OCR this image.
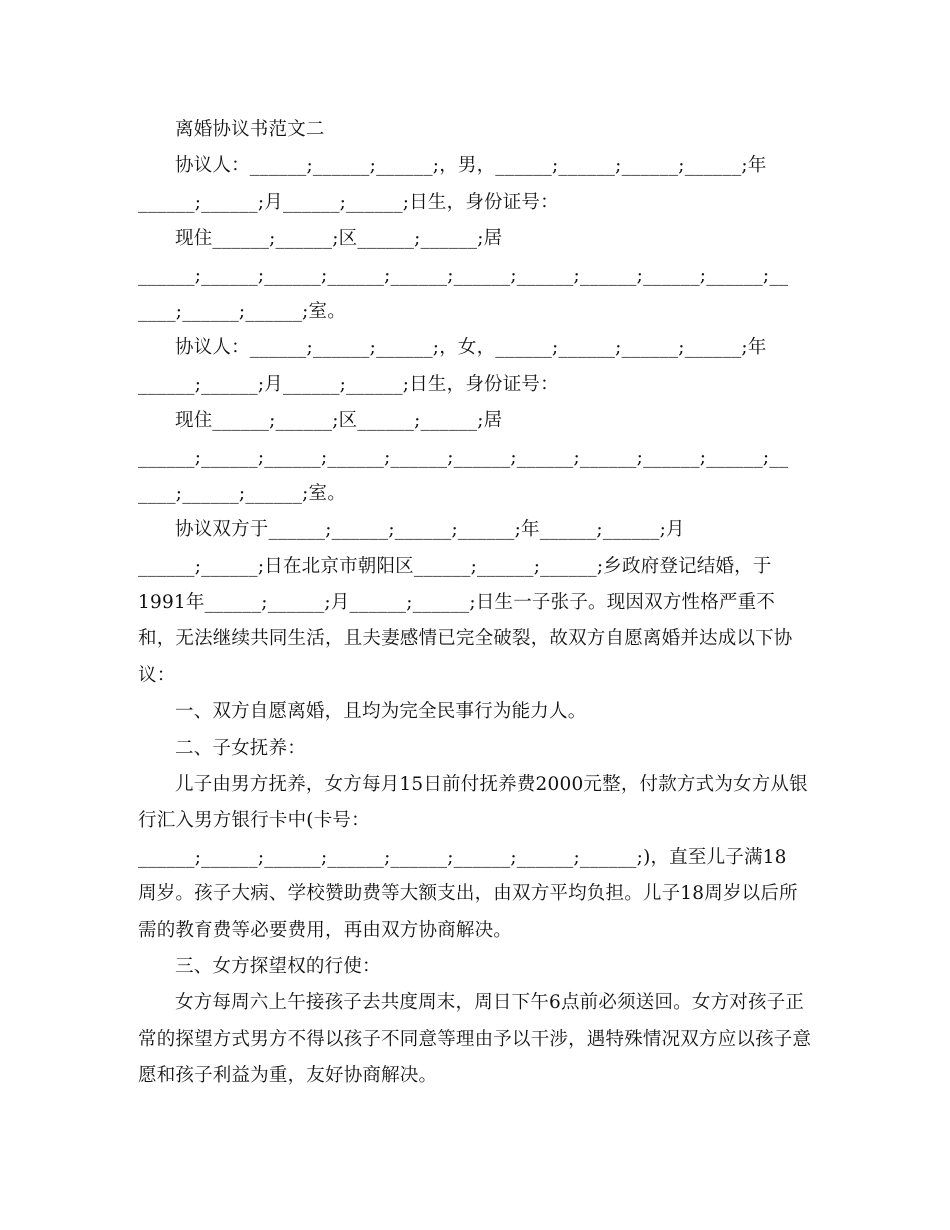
离婚协议书范文二
协议人：______;______;______;，男，______;______;______;______;年
______;______;月______;______;日生，身份证号：
现住______;______;区______;______;居
______;______;______;______;______;______;______;______;______;______;__
____;______;______;室。
协议人：______;______;______;，女，______;______;______;______;年
______;______;月______;______;日生，身份证号：
现住______;______;区______;______;居
______;______;______;______;______;______;______;______;______;______;__
____;______;______;室。
协议双方于______;______;______;______;年______;______;月
______;______;日在北京市朝阳区______;______;______;乡政府登记结婚，于
1991年______;______;月______;______;日生一子张子。现因双方性格严重不
和，无法继续共同生活，且夫妻感情已完全破裂，故双方自愿离婚并达成以下协
议：
一、双方自愿离婚，且均为完全民事行为能力人。
二、子女抚养：
儿子由男方抚养，女方每月15日前付抚养费2000元整，付款方式为女方从银
行汇入男方银行卡中(卡号：
______;______;______;______;______;______;______;______;)，直至儿子满18
周岁。孩子大病、学校赞助费等大额支出，由双方平均负担。儿子18周岁以后所
需的教育费等必要费用，再由双方协商解决。
三、女方探望权的行使：
女方每周六上午接孩子去共度周末，周日下午6点前必须送回。女方对孩子正
常的探望方式男方不得以孩子不同意等理由予以干涉，遇特殊情况双方应以孩子意
愿和孩子利益为重，友好协商解决。
